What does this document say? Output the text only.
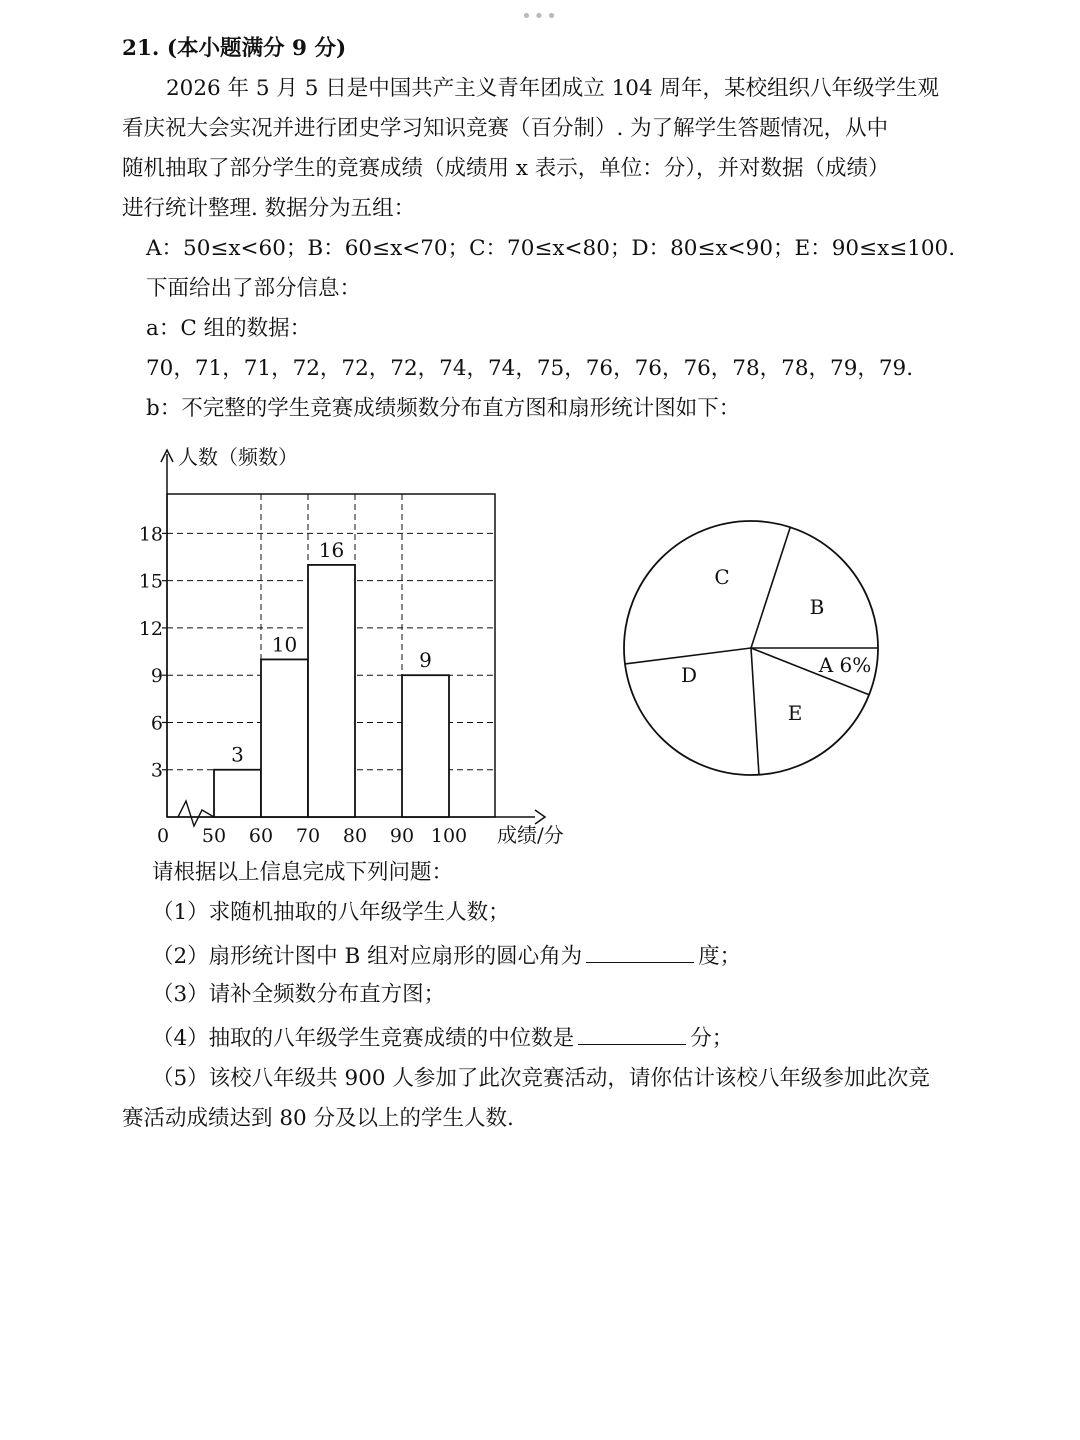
•••
21. (本小题满分 9 分)
2026 年 5 月 5 日是中国共产主义青年团成立 104 周年，某校组织八年级学生观
看庆祝大会实况并进行团史学习知识竞赛（百分制）. 为了解学生答题情况，从中
随机抽取了部分学生的竞赛成绩（成绩用 x 表示，单位：分），并对数据（成绩）
进行统计整理. 数据分为五组：
A：50≤x<60；B：60≤x<70；C：70≤x<80；D：80≤x<90；E：90≤x≤100.
下面给出了部分信息：
a：C 组的数据：
70，71，71，72，72，72，74，74，75，76，76，76，78，78，79，79.
b：不完整的学生竞赛成绩频数分布直方图和扇形统计图如下：
人数（频数）
成绩/分
0
3
6
9
12
15
18
50 60 70 80 90 100
3
10
16
9	A 6%
B
C
D
E
请根据以上信息完成下列问题：
（1）求随机抽取的八年级学生人数；
（2）扇形统计图中 B 组对应扇形的圆心角为	度；
（3）请补全频数分布直方图；
（4）抽取的八年级学生竞赛成绩的中位数是	分；
（5）该校八年级共 900 人参加了此次竞赛活动，请你估计该校八年级参加此次竞
赛活动成绩达到 80 分及以上的学生人数.
